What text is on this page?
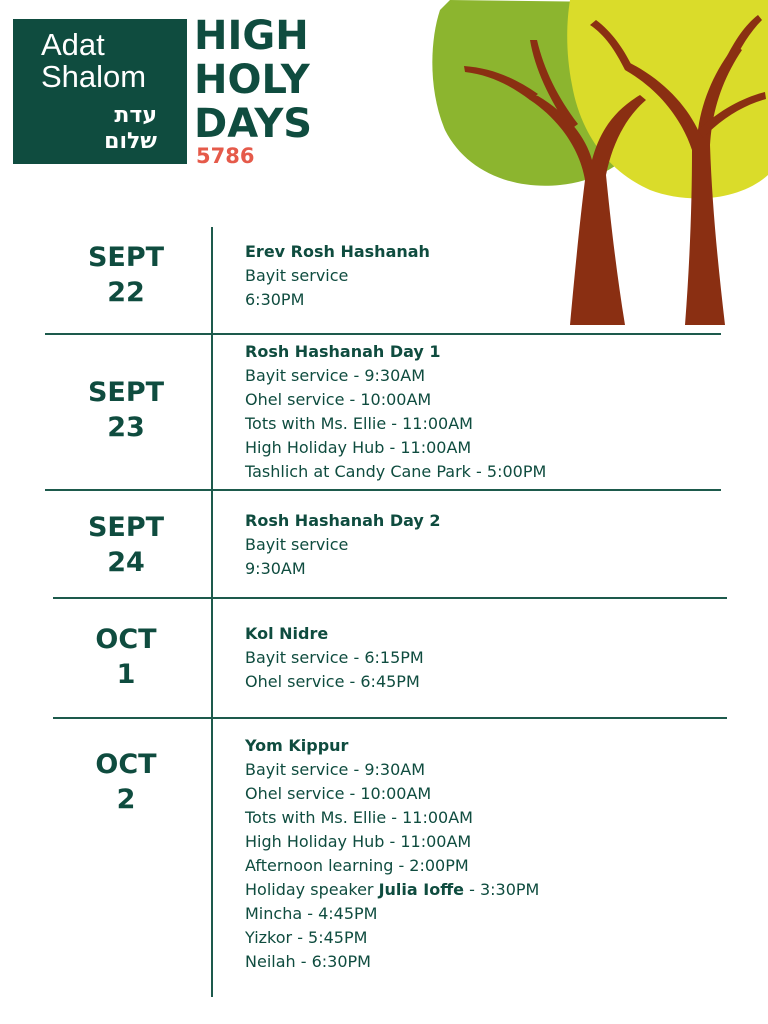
Adat
Shalom
עדת
שלום
HIGH
HOLY
DAYS
5786
SEPT
22
Erev Rosh Hashanah
Bayit service
6:30PM
SEPT
23
Rosh Hashanah Day 1
Bayit service - 9:30AM
Ohel service - 10:00AM
Tots with Ms. Ellie - 11:00AM
High Holiday Hub - 11:00AM
Tashlich at Candy Cane Park - 5:00PM
SEPT
24
Rosh Hashanah Day 2
Bayit service
9:30AM
OCT
1
Kol Nidre
Bayit service - 6:15PM
Ohel service - 6:45PM
OCT
2
Yom Kippur
Bayit service - 9:30AM
Ohel service - 10:00AM
Tots with Ms. Ellie - 11:00AM
High Holiday Hub - 11:00AM
Afternoon learning - 2:00PM
Holiday speaker Julia Ioffe - 3:30PM
Mincha - 4:45PM
Yizkor - 5:45PM
Neilah - 6:30PM
